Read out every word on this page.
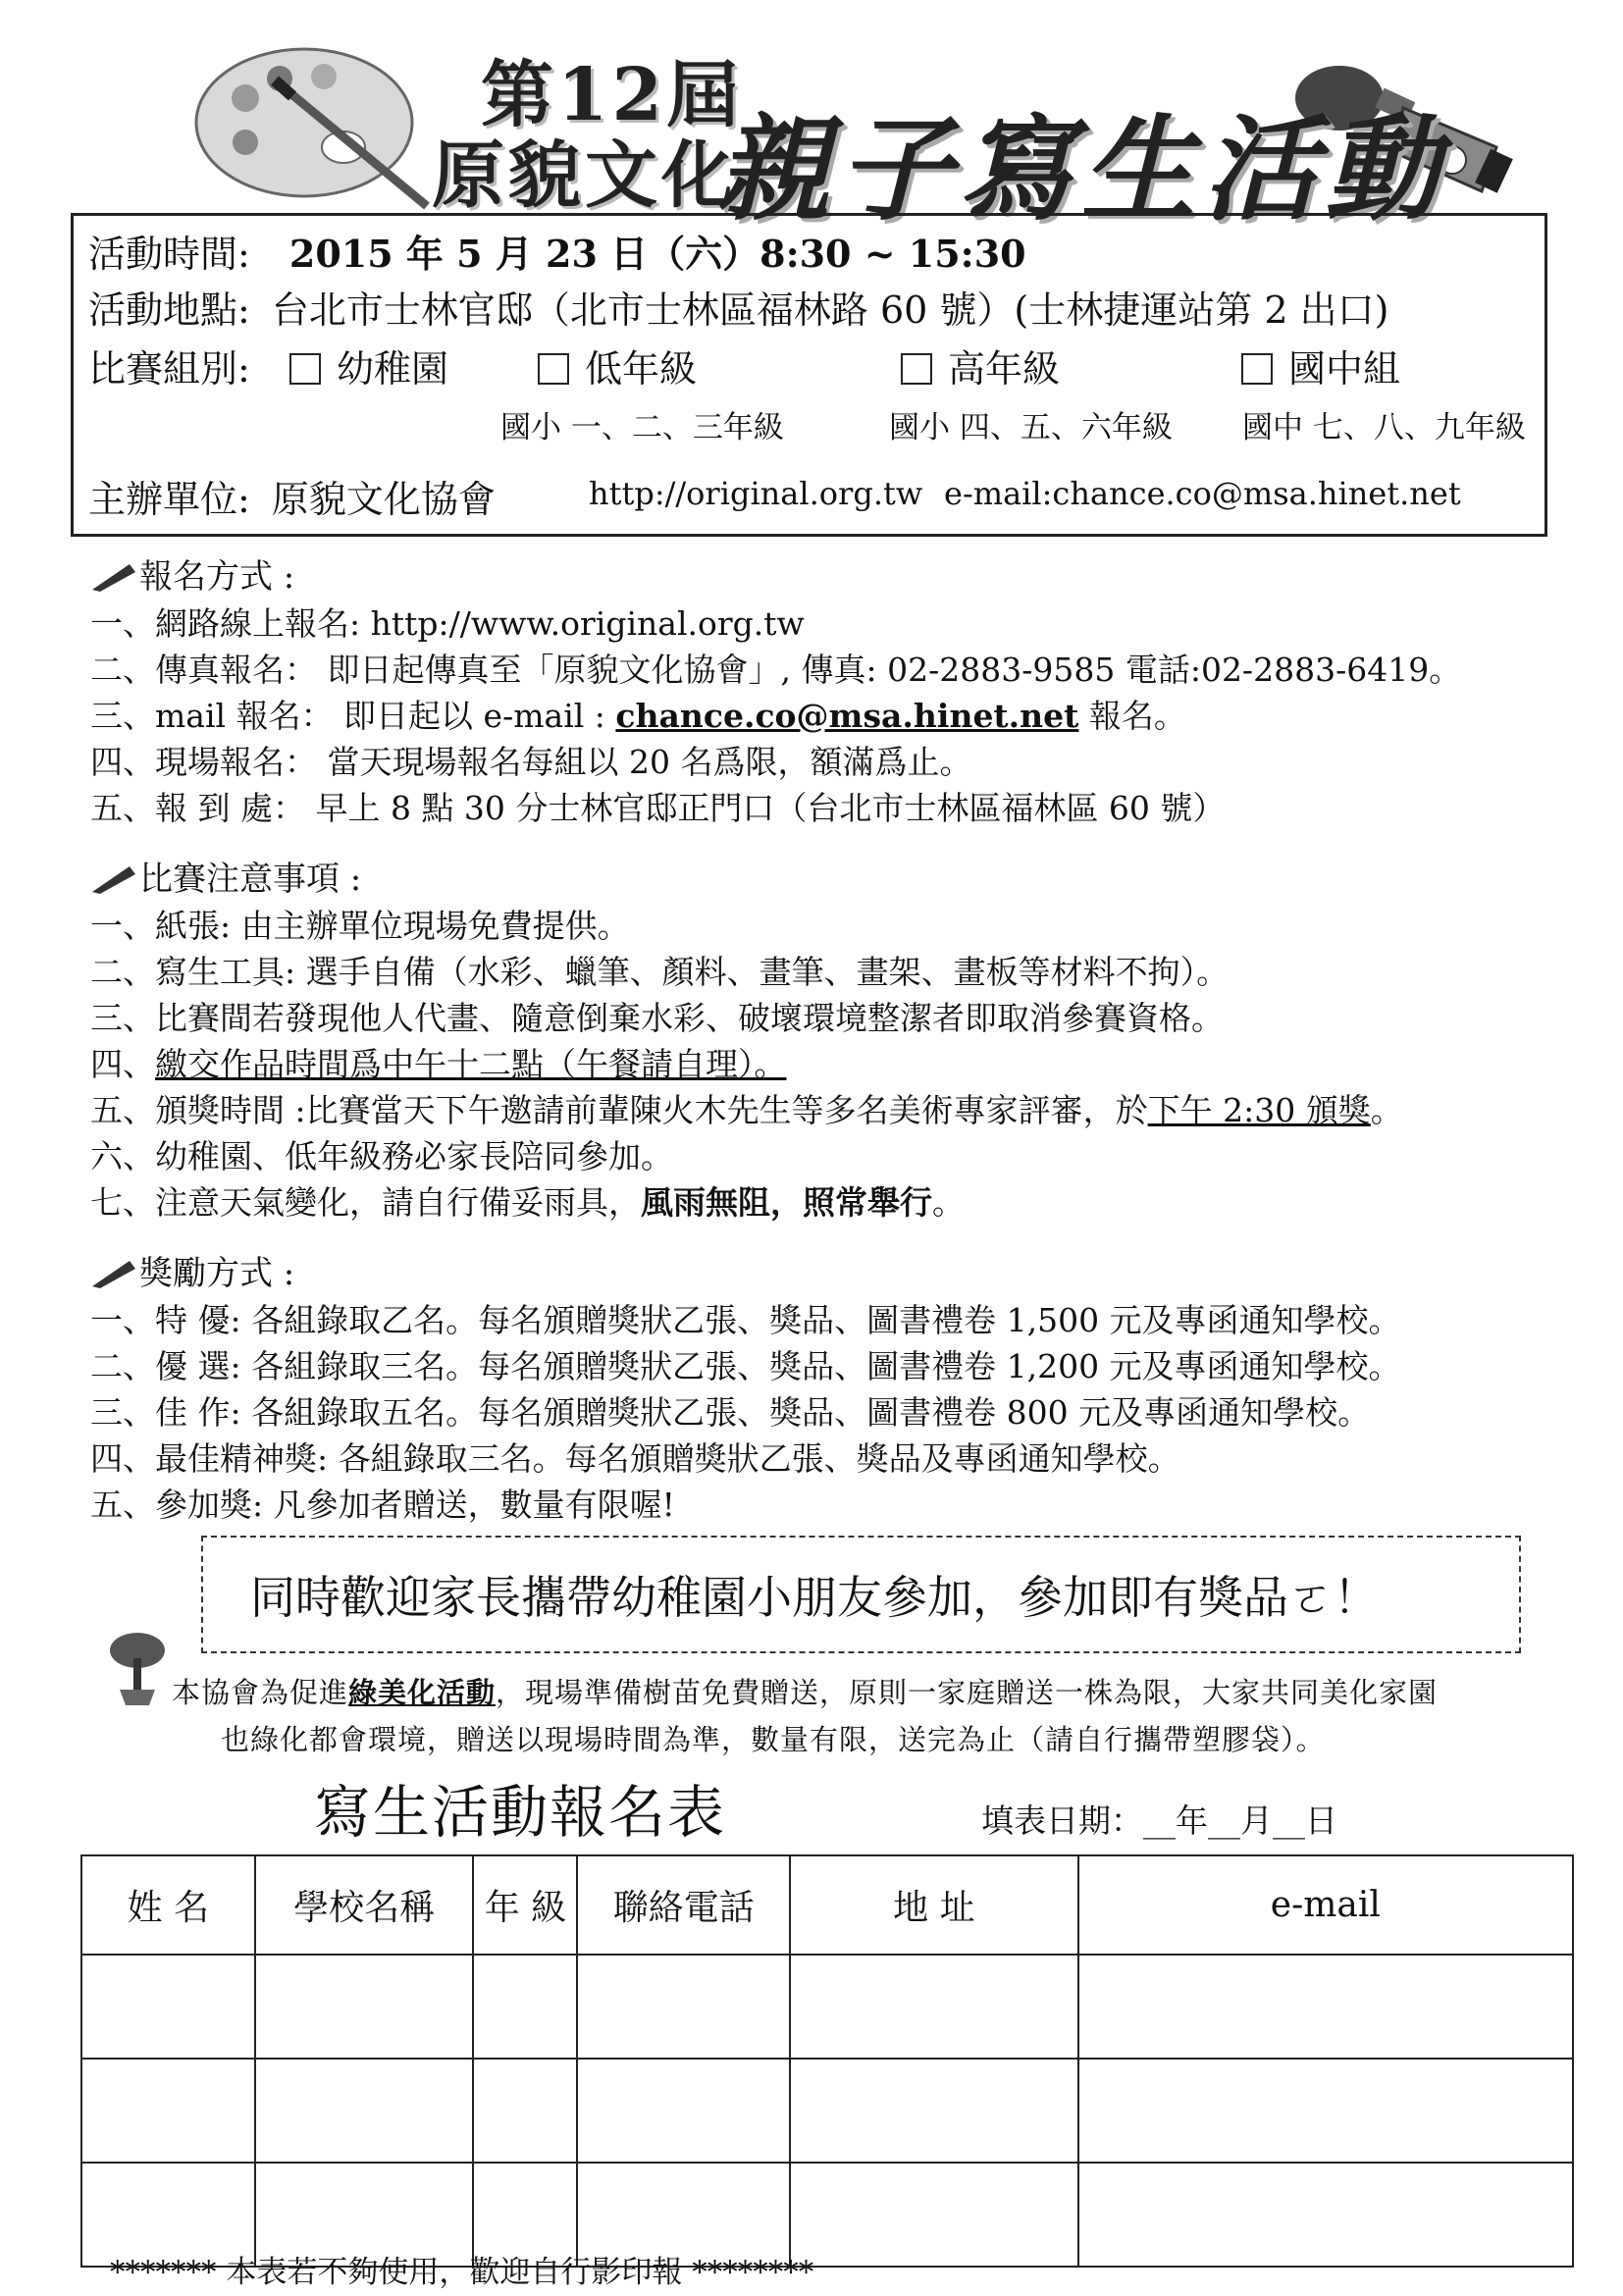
第12屆
原貌文化
親子寫生活動
活動時間: 2015 年 5 月 23 日（六）8:30 ~ 15:30
活動地點: 台北市士林官邸（北市士林區福林路 60 號）(士林捷運站第 2 出口)
比賽組別:	幼稚園	低年級	高年級	國中組
國小 一、二、三年級	國小 四、五、六年級 國中 七、八、九年級
主辦單位: 原貌文化協會	http://original.org.tw e-mail:chance.co@msa.hinet.net
報名方式 :
一、網路線上報名: http://www.original.org.tw
二、傳真報名： 即日起傳真至「原貌文化協會」, 傳真: 02-2883-9585 電話:02-2883-6419。
三、mail 報名： 即日起以 e-mail : chance.co@msa.hinet.net 報名。
四、現場報名： 當天現場報名每組以 20 名爲限，額滿爲止。
五、報 到 處： 早上 8 點 30 分士林官邸正門口（台北市士林區福林區 60 號）
比賽注意事項 :
一、紙張: 由主辦單位現場免費提供。
二、寫生工具: 選手自備（水彩、蠟筆、顏料、畫筆、畫架、畫板等材料不拘）。
三、比賽間若發現他人代畫、隨意倒棄水彩、破壞環境整潔者即取消參賽資格。
四、繳交作品時間爲中午十二點（午餐請自理）。
五、頒獎時間 :比賽當天下午邀請前輩陳火木先生等多名美術專家評審，於下午 2:30 頒獎。
六、幼稚園、低年級務必家長陪同參加。
七、注意天氣變化，請自行備妥雨具，風雨無阻，照常舉行。
獎勵方式 :
一、特 優: 各組錄取乙名。每名頒贈獎狀乙張、獎品、圖書禮卷 1,500 元及專函通知學校。
二、優 選: 各組錄取三名。每名頒贈獎狀乙張、獎品、圖書禮卷 1,200 元及專函通知學校。
三、佳 作: 各組錄取五名。每名頒贈獎狀乙張、獎品、圖書禮卷 800 元及專函通知學校。
四、最佳精神獎: 各組錄取三名。每名頒贈獎狀乙張、獎品及專函通知學校。
五、參加獎: 凡參加者贈送，數量有限喔!
同時歡迎家長攜帶幼稚園小朋友參加，參加即有獎品ㄛ！
本協會為促進綠美化活動，現場準備樹苗免費贈送，原則一家庭贈送一株為限，大家共同美化家園
也綠化都會環境，贈送以現場時間為準，數量有限，送完為止（請自行攜帶塑膠袋）。
寫生活動報名表	填表日期：__年__月__日
姓 名	學校名稱	年 級	聯絡電話	地 址	e-mail

******* 本表若不夠使用，歡迎自行影印報 ********
